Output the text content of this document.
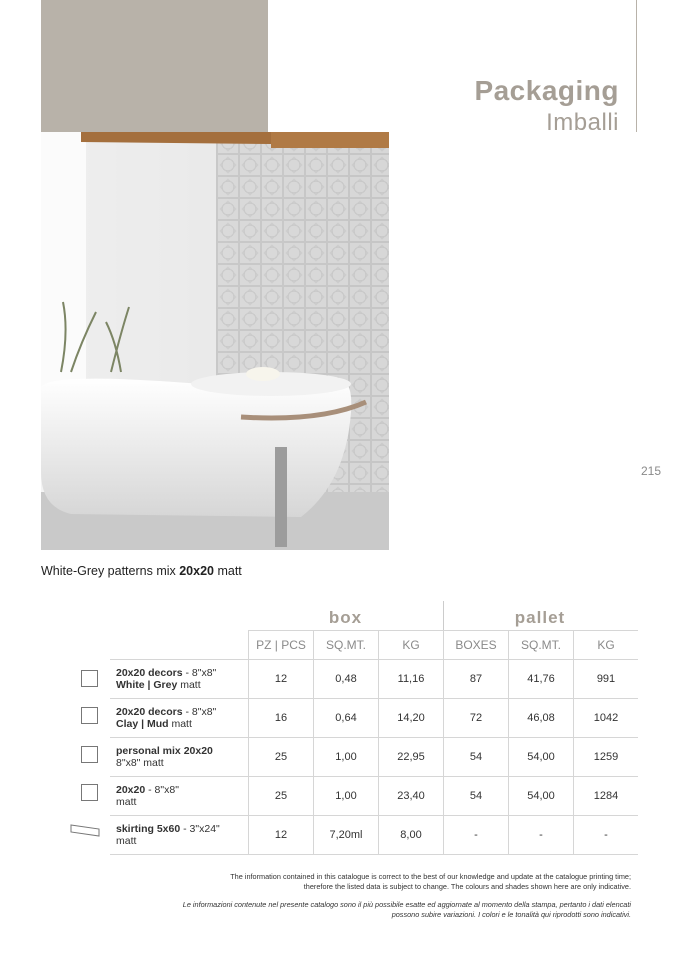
Packaging
Imballi
215
White-Grey patterns mix 20x20 matt
box	pallet
	PZ | PCS	SQ.MT.	KG	BOXES	SQ.MT.	KG
20x20 decors - 8"x8"
White | Grey matt	12	0,48	11,16	87	41,76	991
20x20 decors - 8"x8"
Clay | Mud matt	16	0,64	14,20	72	46,08	1042
personal mix 20x20
8"x8" matt	25	1,00	22,95	54	54,00	1259
20x20 - 8"x8"
matt	25	1,00	23,40	54	54,00	1284
skirting 5x60 - 3"x24"
matt	12	7,20ml	8,00	-	-	-
The information contained in this catalogue is correct to the best of our knowledge and update at the catalogue printing time;
therefore the listed data is subject to change. The colours and shades shown here are only indicative.
Le informazioni contenute nel presente catalogo sono il più possibile esatte ed aggiornate al momento della stampa, pertanto i dati elencati
possono subire variazioni. I colori e le tonalità qui riprodotti sono indicativi.
